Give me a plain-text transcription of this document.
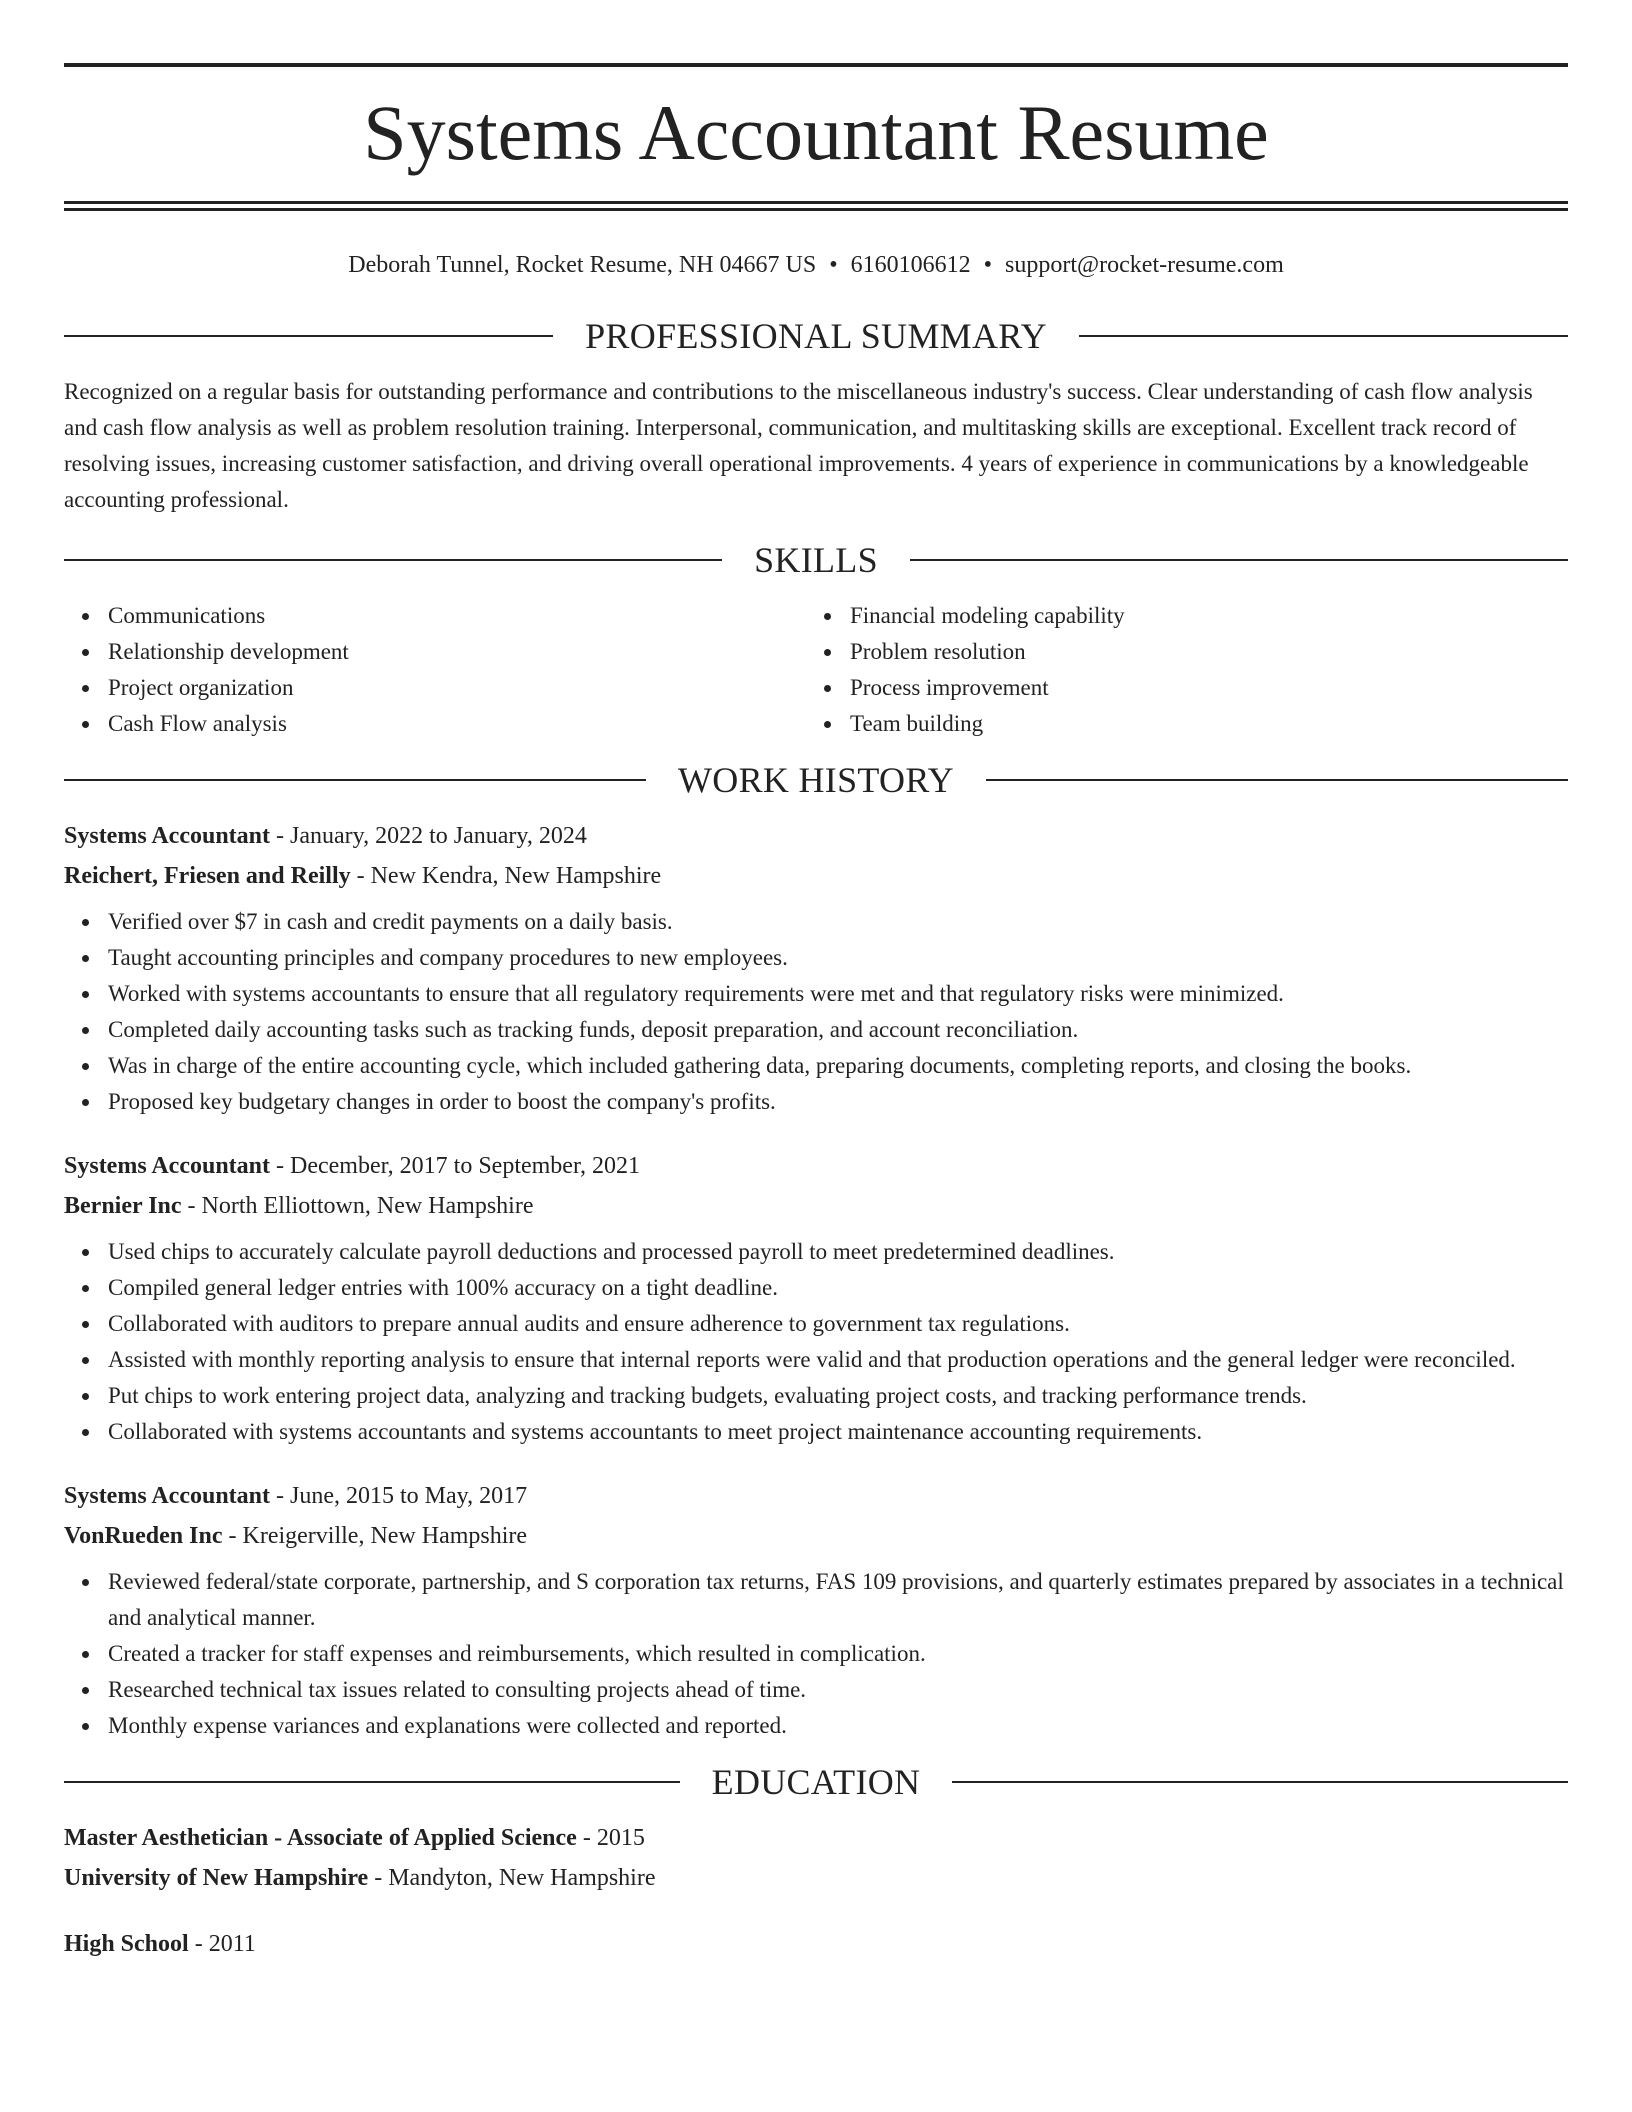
Systems Accountant Resume
Deborah Tunnel, Rocket Resume, NH 04667 US • 6160106612 • support@rocket-resume.com
PROFESSIONAL SUMMARY
Recognized on a regular basis for outstanding performance and contributions to the miscellaneous industry's success. Clear understanding of cash flow analysis and cash flow analysis as well as problem resolution training. Interpersonal, communication, and multitasking skills are exceptional. Excellent track record of resolving issues, increasing customer satisfaction, and driving overall operational improvements. 4 years of experience in communications by a knowledgeable accounting professional.
SKILLS
Communications
Relationship development
Project organization
Cash Flow analysis
Financial modeling capability
Problem resolution
Process improvement
Team building
WORK HISTORY
Systems Accountant - January, 2022 to January, 2024
Reichert, Friesen and Reilly - New Kendra, New Hampshire
Verified over $7 in cash and credit payments on a daily basis.
Taught accounting principles and company procedures to new employees.
Worked with systems accountants to ensure that all regulatory requirements were met and that regulatory risks were minimized.
Completed daily accounting tasks such as tracking funds, deposit preparation, and account reconciliation.
Was in charge of the entire accounting cycle, which included gathering data, preparing documents, completing reports, and closing the books.
Proposed key budgetary changes in order to boost the company's profits.
Systems Accountant - December, 2017 to September, 2021
Bernier Inc - North Elliottown, New Hampshire
Used chips to accurately calculate payroll deductions and processed payroll to meet predetermined deadlines.
Compiled general ledger entries with 100% accuracy on a tight deadline.
Collaborated with auditors to prepare annual audits and ensure adherence to government tax regulations.
Assisted with monthly reporting analysis to ensure that internal reports were valid and that production operations and the general ledger were reconciled.
Put chips to work entering project data, analyzing and tracking budgets, evaluating project costs, and tracking performance trends.
Collaborated with systems accountants and systems accountants to meet project maintenance accounting requirements.
Systems Accountant - June, 2015 to May, 2017
VonRueden Inc - Kreigerville, New Hampshire
Reviewed federal/state corporate, partnership, and S corporation tax returns, FAS 109 provisions, and quarterly estimates prepared by associates in a technical and analytical manner.
Created a tracker for staff expenses and reimbursements, which resulted in complication.
Researched technical tax issues related to consulting projects ahead of time.
Monthly expense variances and explanations were collected and reported.
EDUCATION
Master Aesthetician - Associate of Applied Science - 2015
University of New Hampshire - Mandyton, New Hampshire
High School - 2011
